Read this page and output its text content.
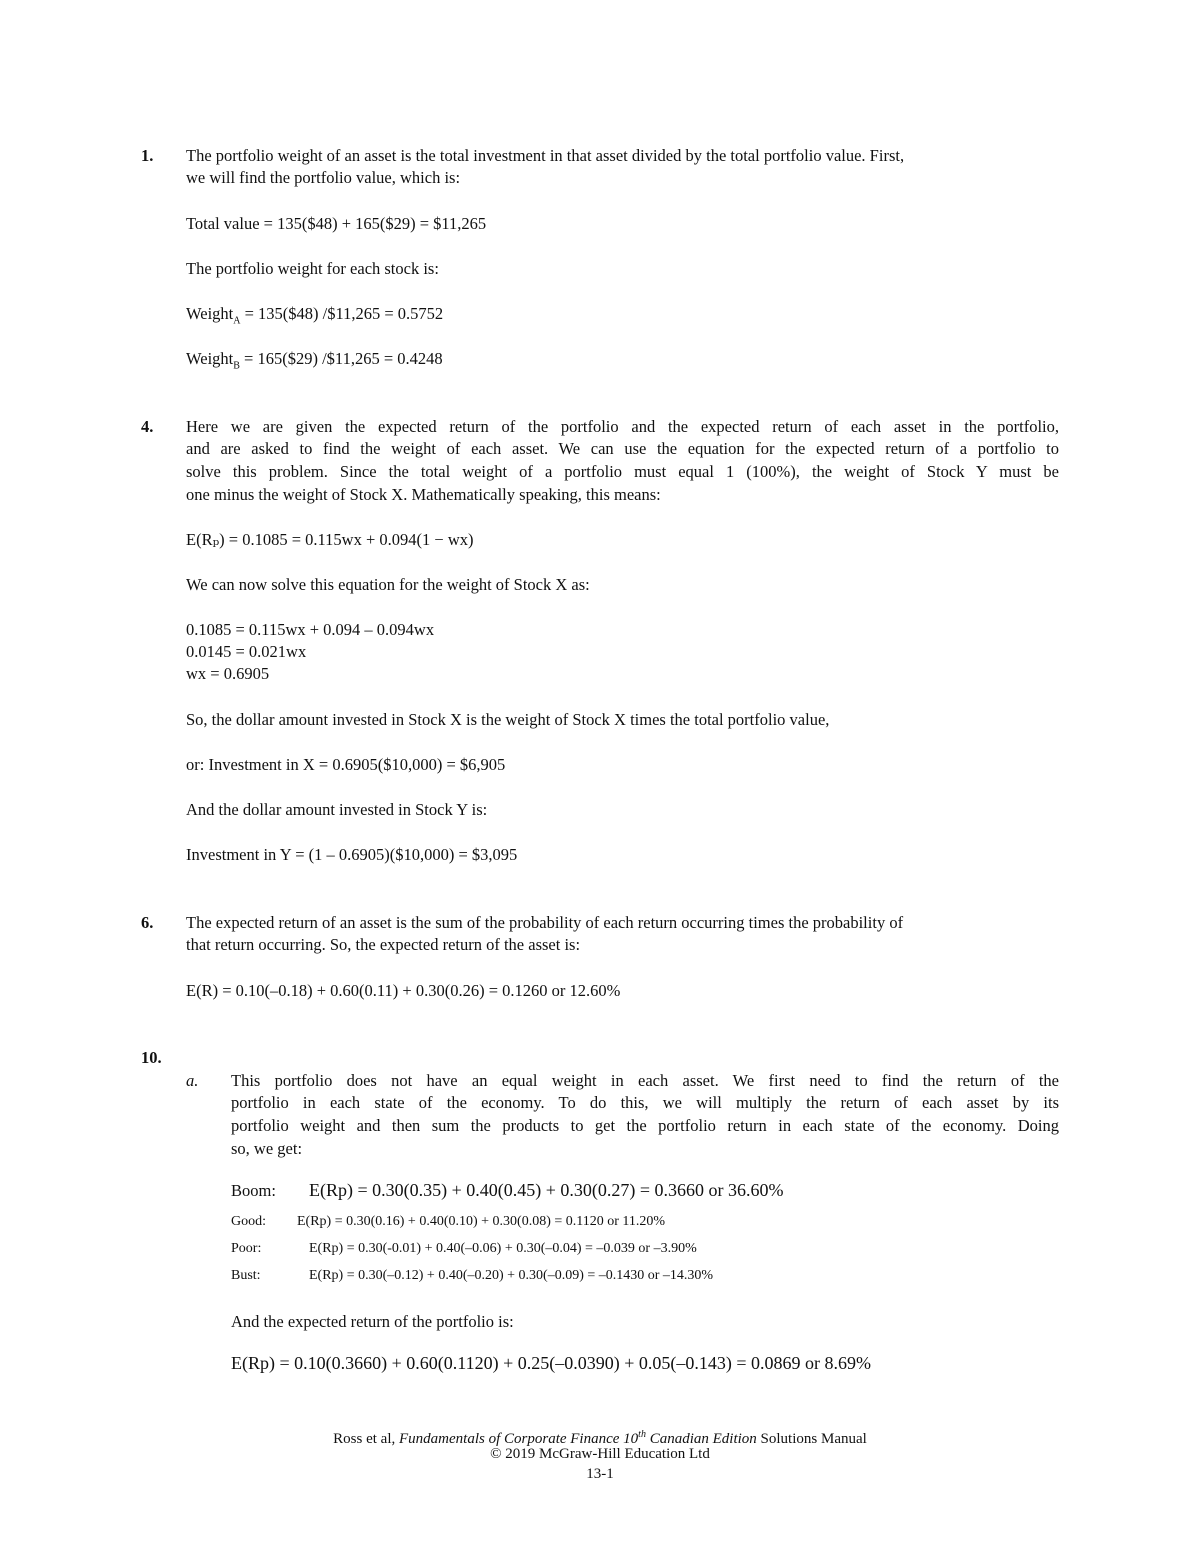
1. The portfolio weight of an asset is the total investment in that asset divided by the total portfolio value. First,
we will find the portfolio value, which is:
Total value = 135($48) + 165($29) = $11,265
The portfolio weight for each stock is:
Weight$_A$ = 135($48) /$11,265 = 0.5752
Weight$_B$ = 165($29) /$11,265 = 0.4248
4. Here we are given the expected return of the portfolio and the expected return of each asset in the portfolio,
and are asked to find the weight of each asset. We can use the equation for the expected return of a portfolio to
solve this problem. Since the total weight of a portfolio must equal 1 (100%), the weight of Stock Y must be
one minus the weight of Stock X. Mathematically speaking, this means:
E(Rₚ) = 0.1085 = 0.115wx + 0.094(1 − wx)
We can now solve this equation for the weight of Stock X as:
0.1085 = 0.115wx + 0.094 – 0.094wx
0.0145 = 0.021wx
wx = 0.6905
So, the dollar amount invested in Stock X is the weight of Stock X times the total portfolio value,
or: Investment in X = 0.6905($10,000) = $6,905
And the dollar amount invested in Stock Y is:
Investment in Y = (1 – 0.6905)($10,000) = $3,095
6. The expected return of an asset is the sum of the probability of each return occurring times the probability of
that return occurring. So, the expected return of the asset is:
E(R) = 0.10(–0.18) + 0.60(0.11) + 0.30(0.26) = 0.1260 or 12.60%
10.
a. This portfolio does not have an equal weight in each asset. We first need to find the return of the
portfolio in each state of the economy. To do this, we will multiply the return of each asset by its
portfolio weight and then sum the products to get the portfolio return in each state of the economy. Doing
so, we get:
Boom: E(Rp) = 0.30(0.35) + 0.40(0.45) + 0.30(0.27) = 0.3660 or 36.60%
Good: E(Rp) = 0.30(0.16) + 0.40(0.10) + 0.30(0.08) = 0.1120 or 11.20%
Poor:	E(Rp) = 0.30(-0.01) + 0.40(–0.06) + 0.30(–0.04) = –0.039 or –3.90%
Bust:	E(Rp) = 0.30(–0.12) + 0.40(–0.20) + 0.30(–0.09) = –0.1430 or –14.30%
And the expected return of the portfolio is:
E(Rp) = 0.10(0.3660) + 0.60(0.1120) + 0.25(–0.0390) + 0.05(–0.143) = 0.0869 or 8.69%
Ross et al, Fundamentals of Corporate Finance 10th Canadian Edition Solutions Manual
© 2019 McGraw-Hill Education Ltd
13-1
